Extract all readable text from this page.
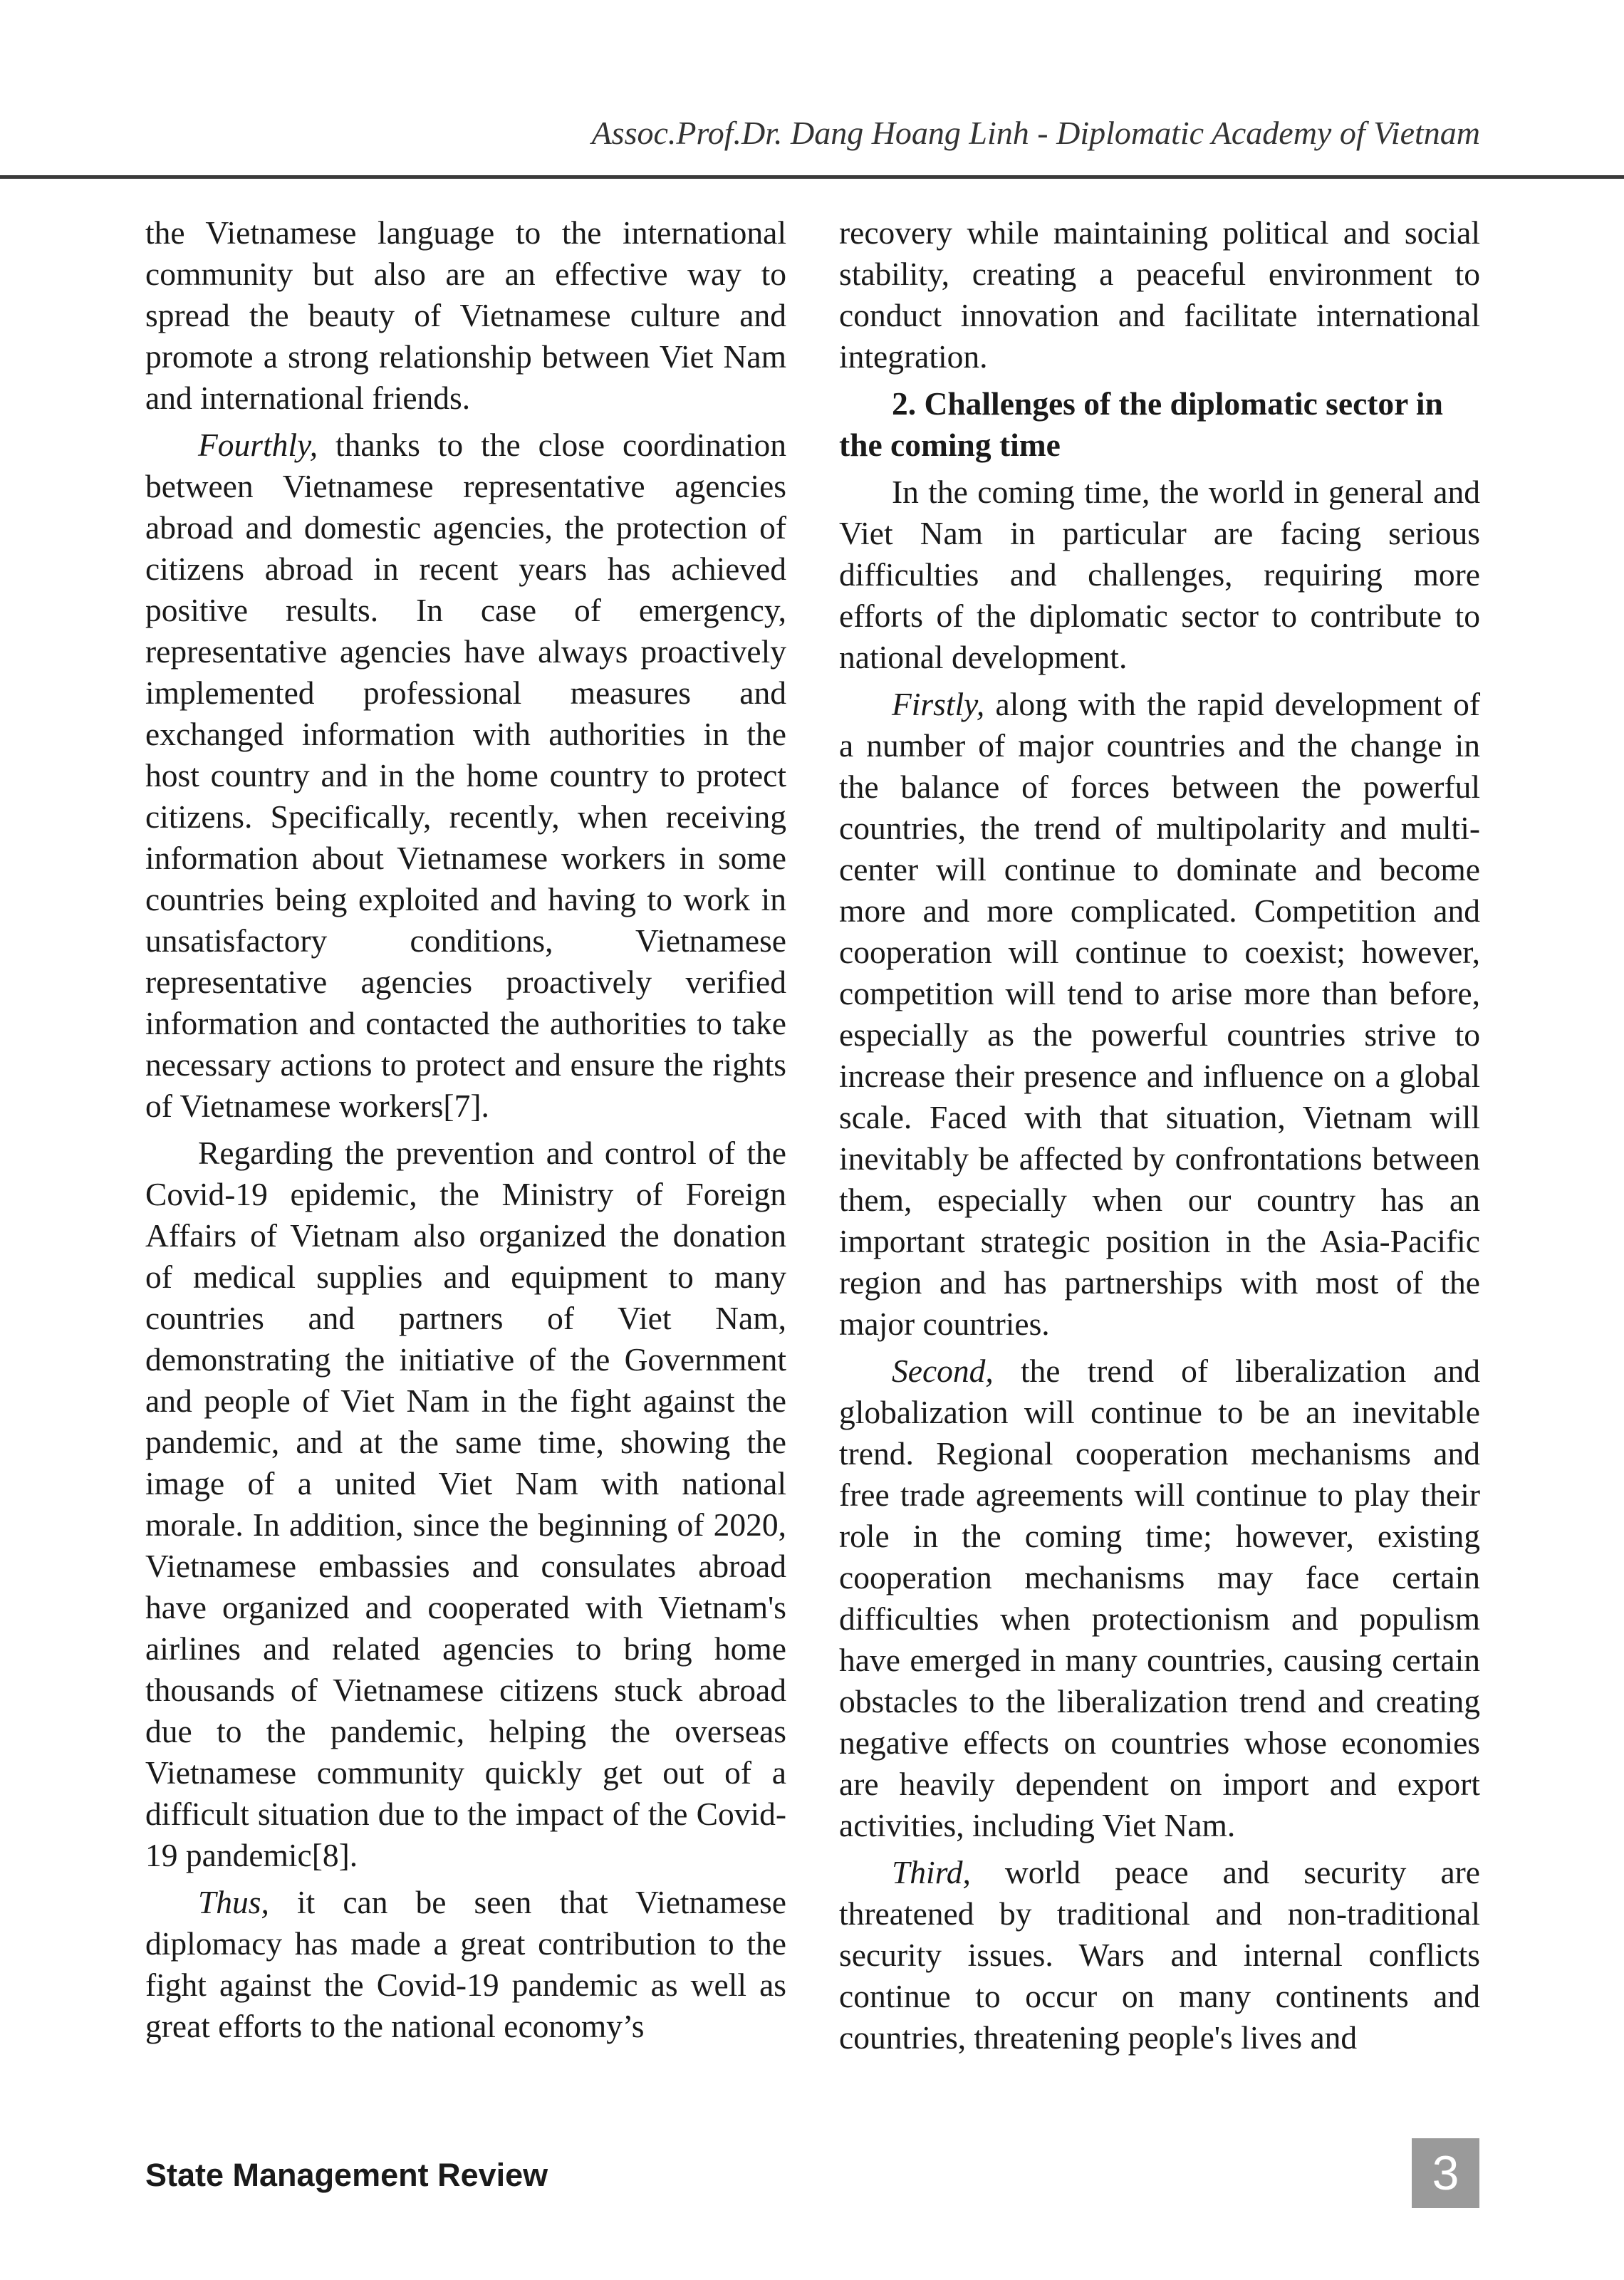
Assoc.Prof.Dr. Dang Hoang Linh - Diplomatic Academy of Vietnam

the Vietnamese language to the international community but also are an effective way to spread the beauty of Vietnamese culture and promote a strong relationship between Viet Nam and international friends.

Fourthly, thanks to the close coordination between Vietnamese representative agencies abroad and domestic agencies, the protection of citizens abroad in recent years has achieved positive results. In case of emergency, representative agencies have always proactively implemented professional measures and exchanged information with authorities in the host country and in the home country to protect citizens. Specifically, recently, when receiving information about Vietnamese workers in some countries being exploited and having to work in unsatisfactory conditions, Vietnamese representative agencies proactively verified information and contacted the authorities to take necessary actions to protect and ensure the rights of Vietnamese workers[7].

Regarding the prevention and control of the Covid-19 epidemic, the Ministry of Foreign Affairs of Vietnam also organized the donation of medical supplies and equipment to many countries and partners of Viet Nam, demonstrating the initiative of the Government and people of Viet Nam in the fight against the pandemic, and at the same time, showing the image of a united Viet Nam with national morale. In addition, since the beginning of 2020, Vietnamese embassies and consulates abroad have organized and cooperated with Vietnam's airlines and related agencies to bring home thousands of Vietnamese citizens stuck abroad due to the pandemic, helping the overseas Vietnamese community quickly get out of a difficult situation due to the impact of the Covid-19 pandemic[8].

Thus, it can be seen that Vietnamese diplomacy has made a great contribution to the fight against the Covid-19 pandemic as well as great efforts to the national economy’s

recovery while maintaining political and social stability, creating a peaceful environment to conduct innovation and facilitate international integration.

2. Challenges of the diplomatic sector in the coming time

In the coming time, the world in general and Viet Nam in particular are facing serious difficulties and challenges, requiring more efforts of the diplomatic sector to contribute to national development.

Firstly, along with the rapid development of a number of major countries and the change in the balance of forces between the powerful countries, the trend of multipolarity and multi-center will continue to dominate and become more and more complicated. Competition and cooperation will continue to coexist; however, competition will tend to arise more than before, especially as the powerful countries strive to increase their presence and influence on a global scale. Faced with that situation, Vietnam will inevitably be affected by confrontations between them, especially when our country has an important strategic position in the Asia-Pacific region and has partnerships with most of the major countries.

Second, the trend of liberalization and globalization will continue to be an inevitable trend. Regional cooperation mechanisms and free trade agreements will continue to play their role in the coming time; however, existing cooperation mechanisms may face certain difficulties when protectionism and populism have emerged in many countries, causing certain obstacles to the liberalization trend and creating negative effects on countries whose economies are heavily dependent on import and export activities, including Viet Nam.

Third, world peace and security are threatened by traditional and non-traditional security issues. Wars and internal conflicts continue to occur on many continents and countries, threatening people's lives and

State Management Review	3
